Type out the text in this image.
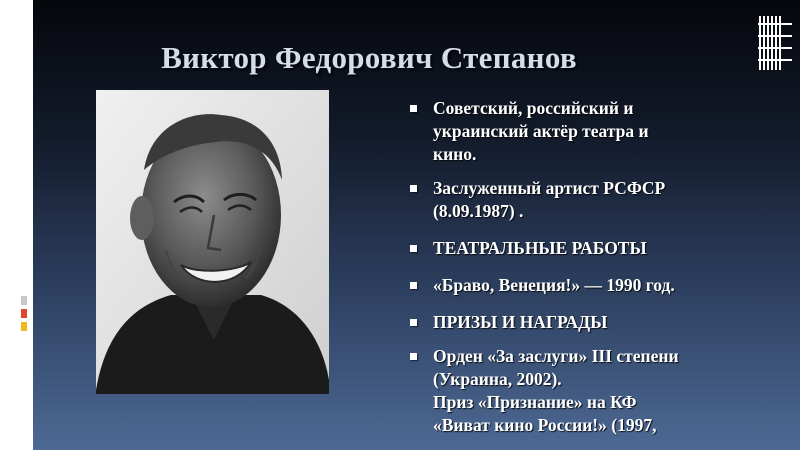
Виктор Федорович Степанов
Советский, российский и
украинский актёр театра и
кино.
Заслуженный артист РСФСР
(8.09.1987) .
ТЕАТРАЛЬНЫЕ РАБОТЫ
«Браво, Венеция!» — 1990 год.
ПРИЗЫ И НАГРАДЫ
Орден «За заслуги» III степени
(Украина, 2002).
Приз «Признание» на КФ
«Виват кино России!» (1997,
